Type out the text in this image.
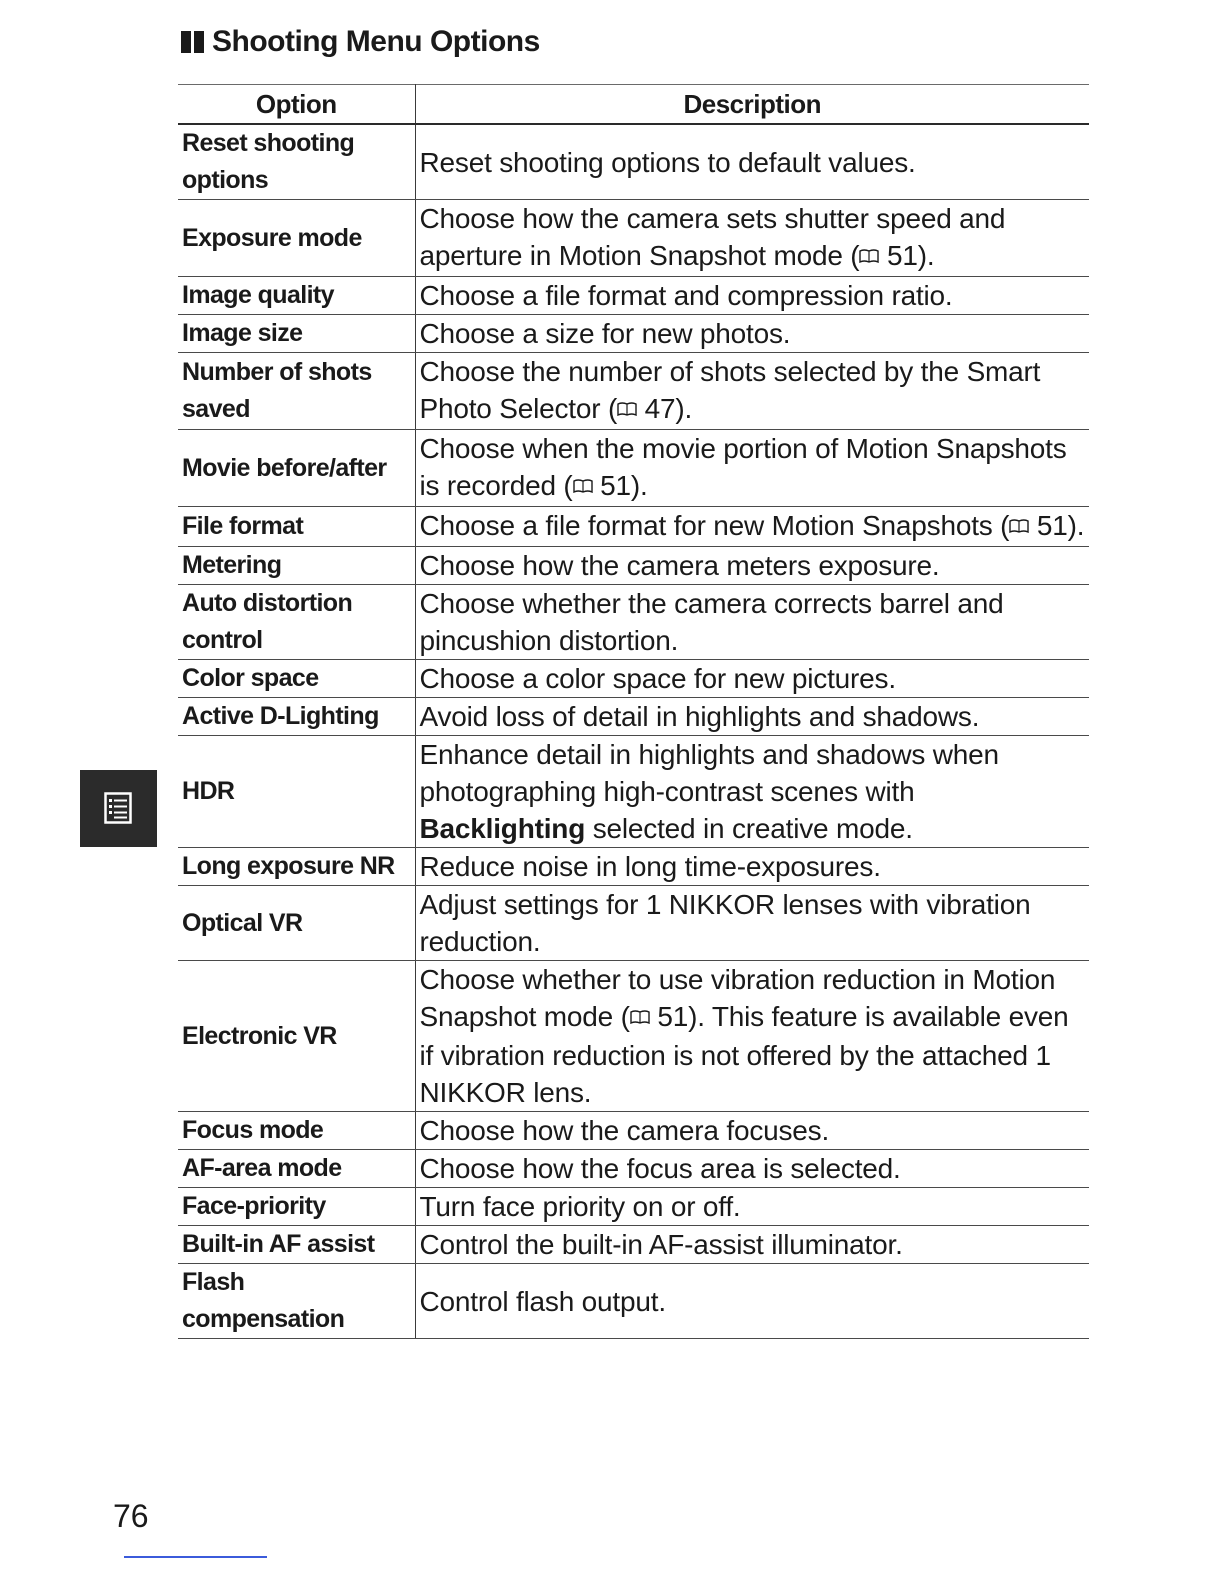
Shooting Menu Options
Option	Description
Reset shooting options	Reset shooting options to default values.
Exposure mode	Choose how the camera sets shutter speed and aperture in Motion Snapshot mode ( 51).
Image quality	Choose a file format and compression ratio.
Image size	Choose a size for new photos.
Number of shots saved	Choose the number of shots selected by the Smart Photo Selector ( 47).
Movie before/after	Choose when the movie portion of Motion Snapshots is recorded ( 51).
File format	Choose a file format for new Motion Snapshots ( 51).
Metering	Choose how the camera meters exposure.
Auto distortion control	Choose whether the camera corrects barrel and pincushion distortion.
Color space	Choose a color space for new pictures.
Active D-Lighting	Avoid loss of detail in highlights and shadows.
HDR	Enhance detail in highlights and shadows when photographing high-contrast scenes with Backlighting selected in creative mode.
Long exposure NR	Reduce noise in long time-exposures.
Optical VR	Adjust settings for 1 NIKKOR lenses with vibration reduction.
Electronic VR	Choose whether to use vibration reduction in Motion Snapshot mode ( 51). This feature is available even if vibration reduction is not offered by the attached 1 NIKKOR lens.
Focus mode	Choose how the camera focuses.
AF-area mode	Choose how the focus area is selected.
Face-priority	Turn face priority on or off.
Built-in AF assist	Control the built-in AF-assist illuminator.
Flash compensation	Control flash output.
76
